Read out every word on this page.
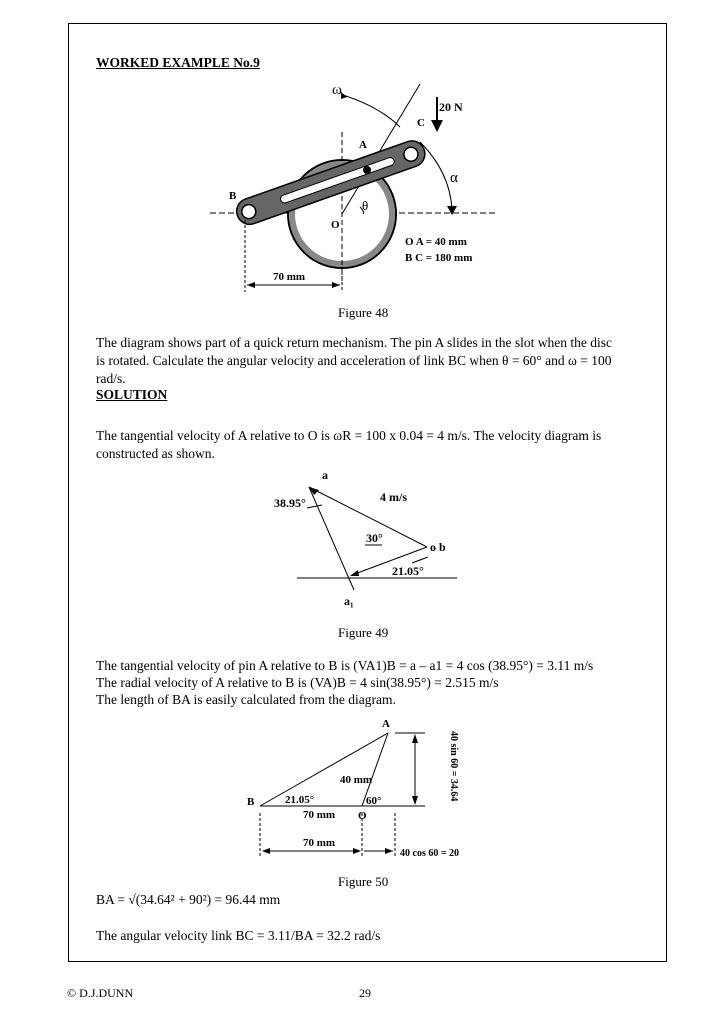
WORKED EXAMPLE No.9
ω
20 N
C
A
α
B
θ
O
O A = 40 mm
B C = 180 mm
70 mm
Figure 48
The diagram shows part of a quick return mechanism. The pin A slides in the slot when the disc
is rotated. Calculate the angular velocity and acceleration of link BC when θ = 60° and ω = 100
rad/s.
SOLUTION
The tangential velocity of A relative to O is ωR = 100 x 0.04 = 4 m/s. The velocity diagram is
constructed as shown.
a
38.95°	4 m/s
30°
o b
21.05°
a₁
Figure 49
The tangential velocity of pin A relative to B is (VA1)B = a – a1 = 4 cos (38.95°) = 3.11 m/s
The radial velocity of A relative to B is (VA)B = 4 sin(38.95°) = 2.515 m/s
The length of BA is easily calculated from the diagram.
A
40 sin 60 = 34.64
40 mm
B	21.05°	60°
70 mm O
70 mm
40 cos 60 = 20
Figure 50
BA = √(34.64² + 90²) = 96.44 mm
The angular velocity link BC = 3.11/BA = 32.2 rad/s
© D.J.DUNN	29
